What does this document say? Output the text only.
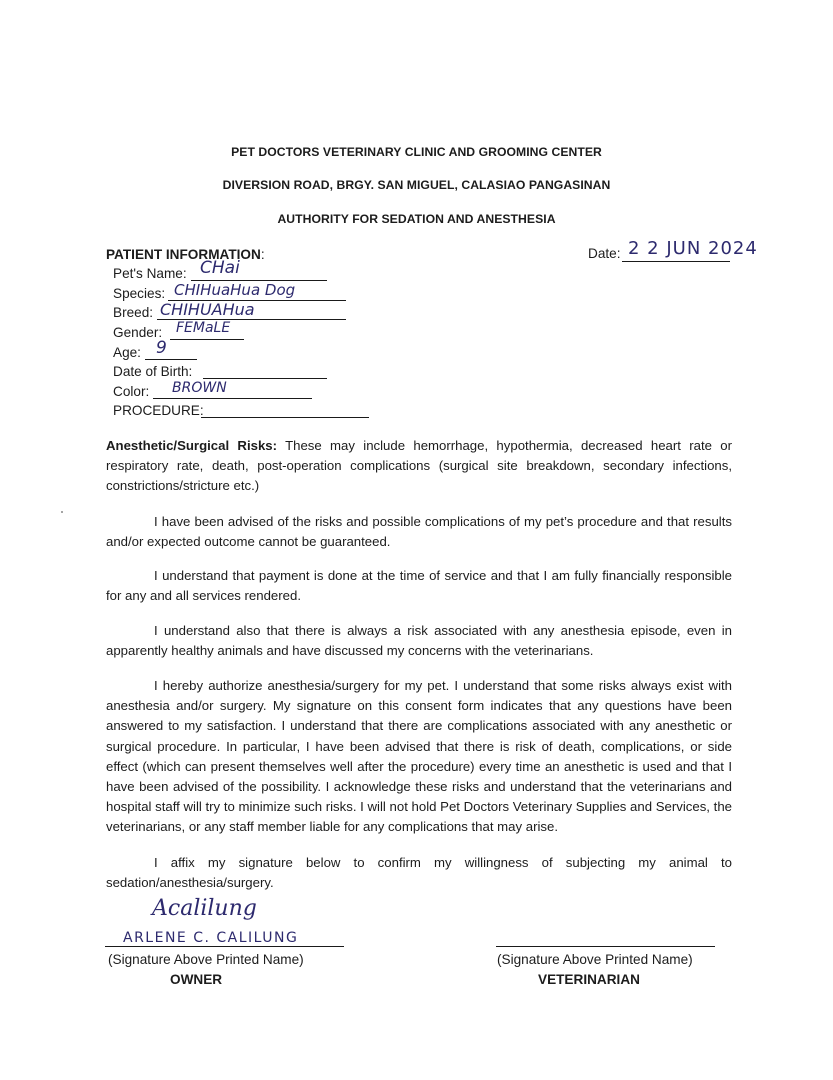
PET DOCTORS VETERINARY CLINIC AND GROOMING CENTER
DIVERSION ROAD, BRGY. SAN MIGUEL, CALASIAO PANGASINAN
AUTHORITY FOR SEDATION AND ANESTHESIA
Date: 2 2 JUN 2024
PATIENT INFORMATION:
Pet's Name: CHai
Species: CHIHuaHua Dog
Breed: CHIHUAHua
Gender: FEMaLE
Age: 9
Date of Birth:
Color: BROWN
PROCEDURE:
Anesthetic/Surgical Risks: These may include hemorrhage, hypothermia, decreased heart rate or respiratory rate, death, post-operation complications (surgical site breakdown, secondary infections, constrictions/stricture etc.)
I have been advised of the risks and possible complications of my pet’s procedure and that results and/or expected outcome cannot be guaranteed.
I understand that payment is done at the time of service and that I am fully financially responsible for any and all services rendered.
I understand also that there is always a risk associated with any anesthesia episode, even in apparently healthy animals and have discussed my concerns with the veterinarians.
I hereby authorize anesthesia/surgery for my pet. I understand that some risks always exist with anesthesia and/or surgery. My signature on this consent form indicates that any questions have been answered to my satisfaction. I understand that there are complications associated with any anesthetic or surgical procedure. In particular, I have been advised that there is risk of death, complications, or side effect (which can present themselves well after the procedure) every time an anesthetic is used and that I have been advised of the possibility. I acknowledge these risks and understand that the veterinarians and hospital staff will try to minimize such risks. I will not hold Pet Doctors Veterinary Supplies and Services, the veterinarians, or any staff member liable for any complications that may arise.
I affix my signature below to confirm my willingness of subjecting my animal to sedation/anesthesia/surgery.
Acalilung
ARLENE C. CALILUNG
(Signature Above Printed Name)
OWNER
(Signature Above Printed Name)
VETERINARIAN
